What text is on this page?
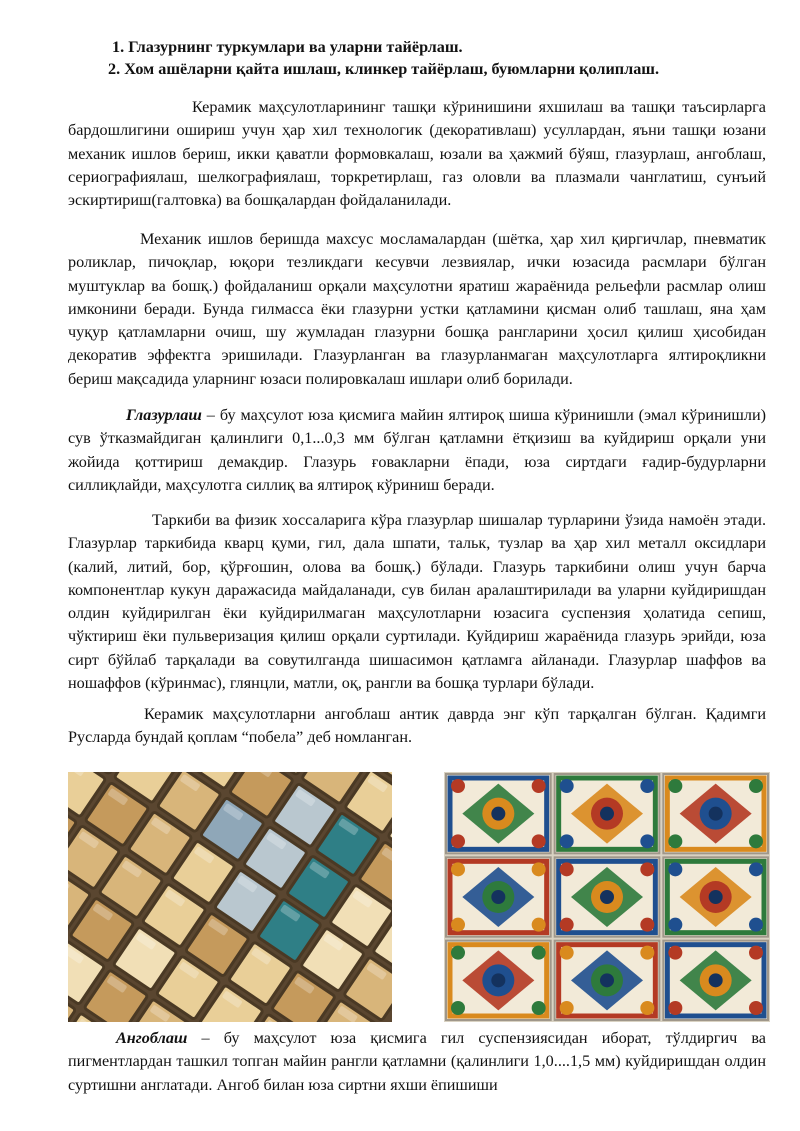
1. Глазурнинг туркумлари ва уларни тайёрлаш.
2. Хом ашёларни қайта ишлаш, клинкер тайёрлаш, буюмларни қолиплаш.

Керамик маҳсулотларининг ташқи кўринишини яхшилаш ва ташқи таъсирларга бардошлигини ошириш учун ҳар хил технологик (декоративлаш) усуллардан, яъни ташқи юзани механик ишлов бериш, икки қаватли формовкалаш, юзали ва ҳажмий бўяш, глазурлаш, ангоблаш, сериографиялаш, шелкографиялаш, торкретирлаш, газ оловли ва плазмали чанглатиш, сунъий эскиртириш(галтовка) ва бошқалардан фойдаланилади.

Механик ишлов беришда махсус мосламалардан (шётка, ҳар хил қиргичлар, пневматик роликлар, пичоқлар, юқори тезликдаги кесувчи лезвиялар, ички юзасида расмлари бўлган муштуклар ва бошқ.) фойдаланиш орқали маҳсулотни яратиш жараёнида рельефли расмлар олиш имконини беради. Бунда гилмасса ёки глазурни устки қатламини қисман олиб ташлаш, яна ҳам чуқур қатламларни очиш, шу жумладан глазурни бошқа рангларини ҳосил қилиш ҳисобидан декоратив эффектга эришилади. Глазурланган ва глазурланмаган маҳсулотларга ялтироқликни бериш мақсадида уларнинг юзаси полировкалаш ишлари олиб борилади.

Глазурлаш – бу маҳсулот юза қисмига майин ялтироқ шиша кўринишли (эмал кўринишли) сув ўтказмайдиган қалинлиги 0,1...0,3 мм бўлган қатламни ётқизиш ва куйдириш орқали уни жойида қоттириш демакдир. Глазурь ғовакларни ёпади, юза сиртдаги ғадир-будурларни силлиқлайди, маҳсулотга силлиқ ва ялтироқ кўриниш беради.

Таркиби ва физик хоссаларига кўра глазурлар шишалар турларини ўзида намоён этади. Глазурлар таркибида кварц қуми, гил, дала шпати, тальк, тузлар ва ҳар хил металл оксидлари (калий, литий, бор, қўрғошин, олова ва бошқ.) бўлади. Глазурь таркибини олиш учун барча компонентлар кукун даражасида майдаланади, сув билан аралаштирилади ва уларни куйдиришдан олдин куйдирилган ёки куйдирилмаган маҳсулотларни юзасига суспензия ҳолатида сепиш, чўктириш ёки пульверизация қилиш орқали суртилади. Куйдириш жараёнида глазурь эрийди, юза сирт бўйлаб тарқалади ва совутилганда шишасимон қатламга айланади. Глазурлар шаффов ва ношаффов (кўринмас), глянцли, матли, оқ, рангли ва бошқа турлари бўлади.

Керамик маҳсулотларни ангоблаш антик даврда энг кўп тарқалган бўлган. Қадимги Русларда бундай қоплам “побела” деб номланган.

Ангоблаш – бу маҳсулот юза қисмига гил суспензиясидан иборат, тўлдиргич ва пигментлардан ташкил топган майин рангли қатламни (қалинлиги 1,0....1,5 мм) куйдиришдан олдин суртишни англатади. Ангоб билан юза сиртни яхши ёпишиши
